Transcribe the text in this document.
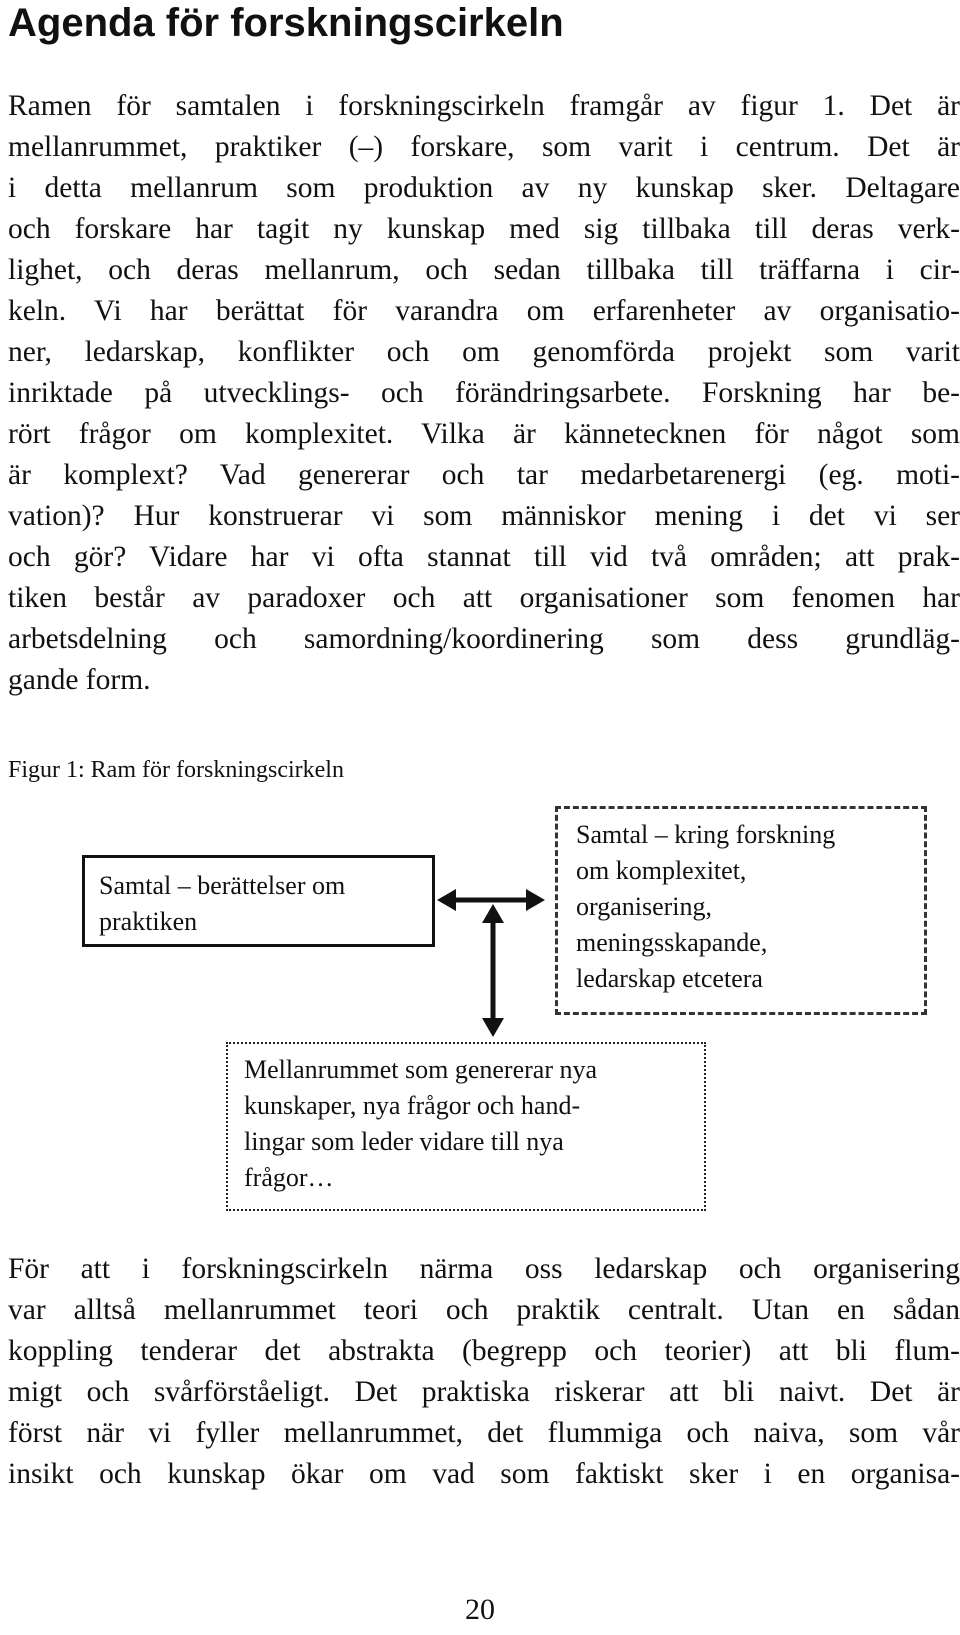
Agenda för forskningscirkeln
Ramen för samtalen i forskningscirkeln framgår av figur 1. Det är
mellanrummet, praktiker (–) forskare, som varit i centrum. Det är
i detta mellanrum som produktion av ny kunskap sker. Deltagare
och forskare har tagit ny kunskap med sig tillbaka till deras verk-
lighet, och deras mellanrum, och sedan tillbaka till träffarna i cir-
keln. Vi har berättat för varandra om erfarenheter av organisatio-
ner, ledarskap, konflikter och om genomförda projekt som varit
inriktade på utvecklings- och förändringsarbete. Forskning har be-
rört frågor om komplexitet. Vilka är kännetecknen för något som
är komplext? Vad genererar och tar medarbetarenergi (eg. moti-
vation)? Hur konstruerar vi som människor mening i det vi ser
och gör? Vidare har vi ofta stannat till vid två områden; att prak-
tiken består av paradoxer och att organisationer som fenomen har
arbetsdelning och samordning/koordinering som dess grundläg-
gande form.
Figur 1: Ram för forskningscirkeln
Samtal – berättelser om
praktiken
Samtal – kring forskning
om komplexitet,
organisering,
meningsskapande,
ledarskap etcetera
Mellanrummet som genererar nya
kunskaper, nya frågor och hand-
lingar som leder vidare till nya
frågor…
För att i forskningscirkeln närma oss ledarskap och organisering
var alltså mellanrummet teori och praktik centralt. Utan en sådan
koppling tenderar det abstrakta (begrepp och teorier) att bli flum-
migt och svårförståeligt. Det praktiska riskerar att bli naivt. Det är
först när vi fyller mellanrummet, det flummiga och naiva, som vår
insikt och kunskap ökar om vad som faktiskt sker i en organisa-
20
